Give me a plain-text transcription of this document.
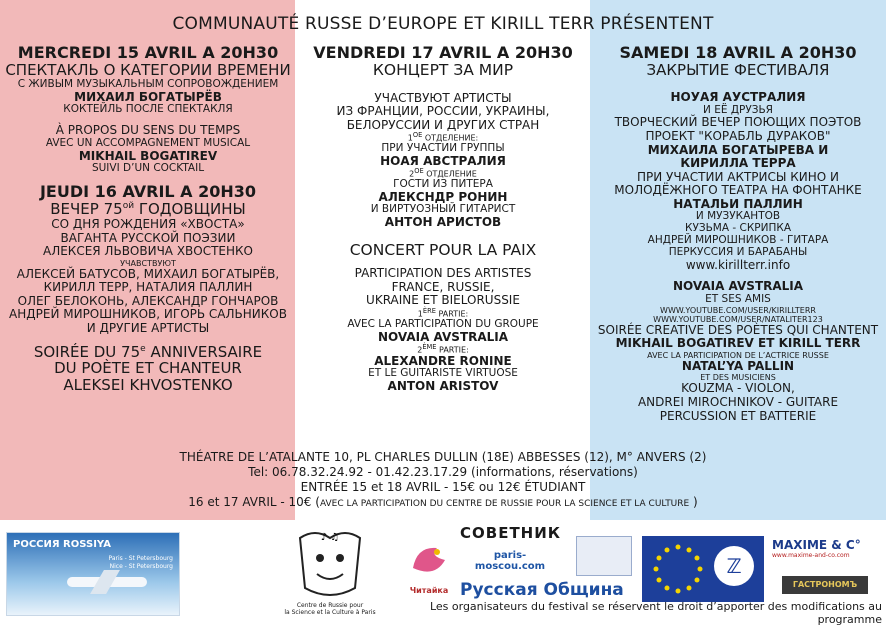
COMMUNAUTÉ RUSSE D’EUROPE ET KIRILL TERR PRÉSENTENT
MERCREDI 15 AVRIL A 20H30
СПЕКТАКЛЬ О КАТЕГОРИИ ВРЕМЕНИ
С ЖИВЫМ МУЗЫКАЛЬНЫМ СОПРОВОЖДЕНИЕМ
МИХАИЛ БОГАТЫРЁВ
КОКТЕЙЛЬ ПОСЛЕ СПЕКТАКЛЯ
À PROPOS DU SENS DU TEMPS
AVEC UN ACCOMPAGNEMENT MUSICAL
MIKHAIL BOGATIREV
SUIVI D’UN COCKTAIL
JEUDI 16 AVRIL A 20H30
ВЕЧЕР $75^{ой}$ ГОДОВЩИНЫ
СО ДНЯ РОЖДЕНИЯ «ХВОСТА»
ВАГАНТА РУССКОЙ ПОЭЗИИ
АЛЕКСЕЯ ЛЬВОВИЧА ХВОСТЕНКО
УЧАВСТВУЮТ
АЛЕКСЕЙ БАТУСОВ, МИХАИЛ БОГАТЫРЁВ,
КИРИЛЛ ТЕРР, НАТАЛИЯ ПАЛЛИН
ОЛЕГ БЕЛОКОНЬ, АЛЕКСАНДР ГОНЧАРОВ
АНДРЕЙ МИРОШНИКОВ, ИГОРЬ САЛЬНИКОВ
И ДРУГИЕ АРТИСТЫ
SOIRÉE DU 75e ANNIVERSAIRE
DU POÈTE ET CHANTEUR
ALEKSEI KHVOSTENKO
VENDREDI 17 AVRIL A 20H30
КОНЦЕРТ ЗА МИР
УЧАСТВУЮТ АРТИСТЫ
ИЗ ФРАНЦИИ, РОССИИ, УКРАИНЫ,
БЕЛОРУССИИ И ДРУГИХ СТРАН
$1^{ОЕ}$ ОТДЕЛЕНИЕ:
ПРИ УЧАСТИИ ГРУППЫ
НОАЯ АВСТРАЛИЯ
$2^{ОЕ}$ ОТДЕЛЕНИЕ
ГОСТИ ИЗ ПИТЕРА
АЛЕКСНДР РОНИН
И ВИРТУОЗНЫЙ ГИТАРИСТ
АНТОН АРИСТОВ
CONCERT POUR LA PAIX
PARTICIPATION DES ARTISTES
FRANCE, RUSSIE,
UKRAINE ET BIELORUSSIE
1ÈRE PARTIE:
AVEC LA PARTICIPATION DU GROUPE
NOVAIA AVSTRALIA
2ÈME PARTIE:
ALEXANDRE RONINE
ET LE GUITARISTE VIRTUOSE
ANTON ARISTOV
SAMEDI 18 AVRIL A 20H30
ЗАКРЫТИЕ ФЕСТИВАЛЯ
НОУАЯ АУСТРАЛИЯ
И ЕЁ ДРУЗЬЯ
ТВОРЧЕСКИЙ ВЕЧЕР ПОЮЩИХ ПОЭТОВ
ПРОЕКТ "КОРАБЛЬ ДУРАКОВ"
МИХАИЛА БОГАТЫРЕВА И
КИРИЛЛА ТЕРРА
ПРИ УЧАСТИИ АКТРИСЫ КИНО И
МОЛОДЁЖНОГО ТЕАТРА НА ФОНТАНКЕ
НАТАЛЬИ ПАЛЛИН
И МУЗУКАНТОВ
КУЗЬМА - СКРИПКА
АНДРЕЙ МИРОШНИКОВ - ГИТАРА
ПЕРКУССИЯ И БАРАБАНЫ
www.kirillterr.info
NOVAIA AVSTRALIA
ET SES AMIS
WWW.YOUTUBE.COM/USER/KIRILLTERR
WWW.YOUTUBE.COM/USER/NATALITER123
SOIRÉE CREATIVE DES POÈTES QUI CHANTENT
MIKHAIL BOGATIREV ET KIRILL TERR
AVEC LA PARTICIPATION DE L’ACTRICE RUSSE
NATAL’YA PALLIN
ET DES MUSICIENS
KOUZMA - VIOLON,
ANDREI MIROCHNIKOV - GUITARE
PERCUSSION ET BATTERIE
THÉATRE DE L’ATALANTE 10, PL CHARLES DULLIN (18E) ABBESSES (12), M° ANVERS (2)
Tel: 06.78.32.24.92 - 01.42.23.17.29 (informations, réservations)
ENTRÉE 15 et 18 AVRIL - 15€ ou 12€ ÉTUDIANT
16 et 17 AVRIL - 10€ (AVEC LA PARTICIPATION DU CENTRE DE RUSSIE POUR LA SCIENCE ET LA CULTURE )
РОССИЯ ROSSIYA
Paris - St Petersbourg
Nice - St Petersbourg
♪ ♫
Centre de Russie pour
la Science et la Culture à Paris
Читайка
СОВЕТНИК
paris-moscou.com
Русская Община
ℤ
MAXIME & C°
www.maxime-and-co.com
ГАСТРОНОМЪ
Les organisateurs du festival se réservent le droit d’apporter des modifications au programme
